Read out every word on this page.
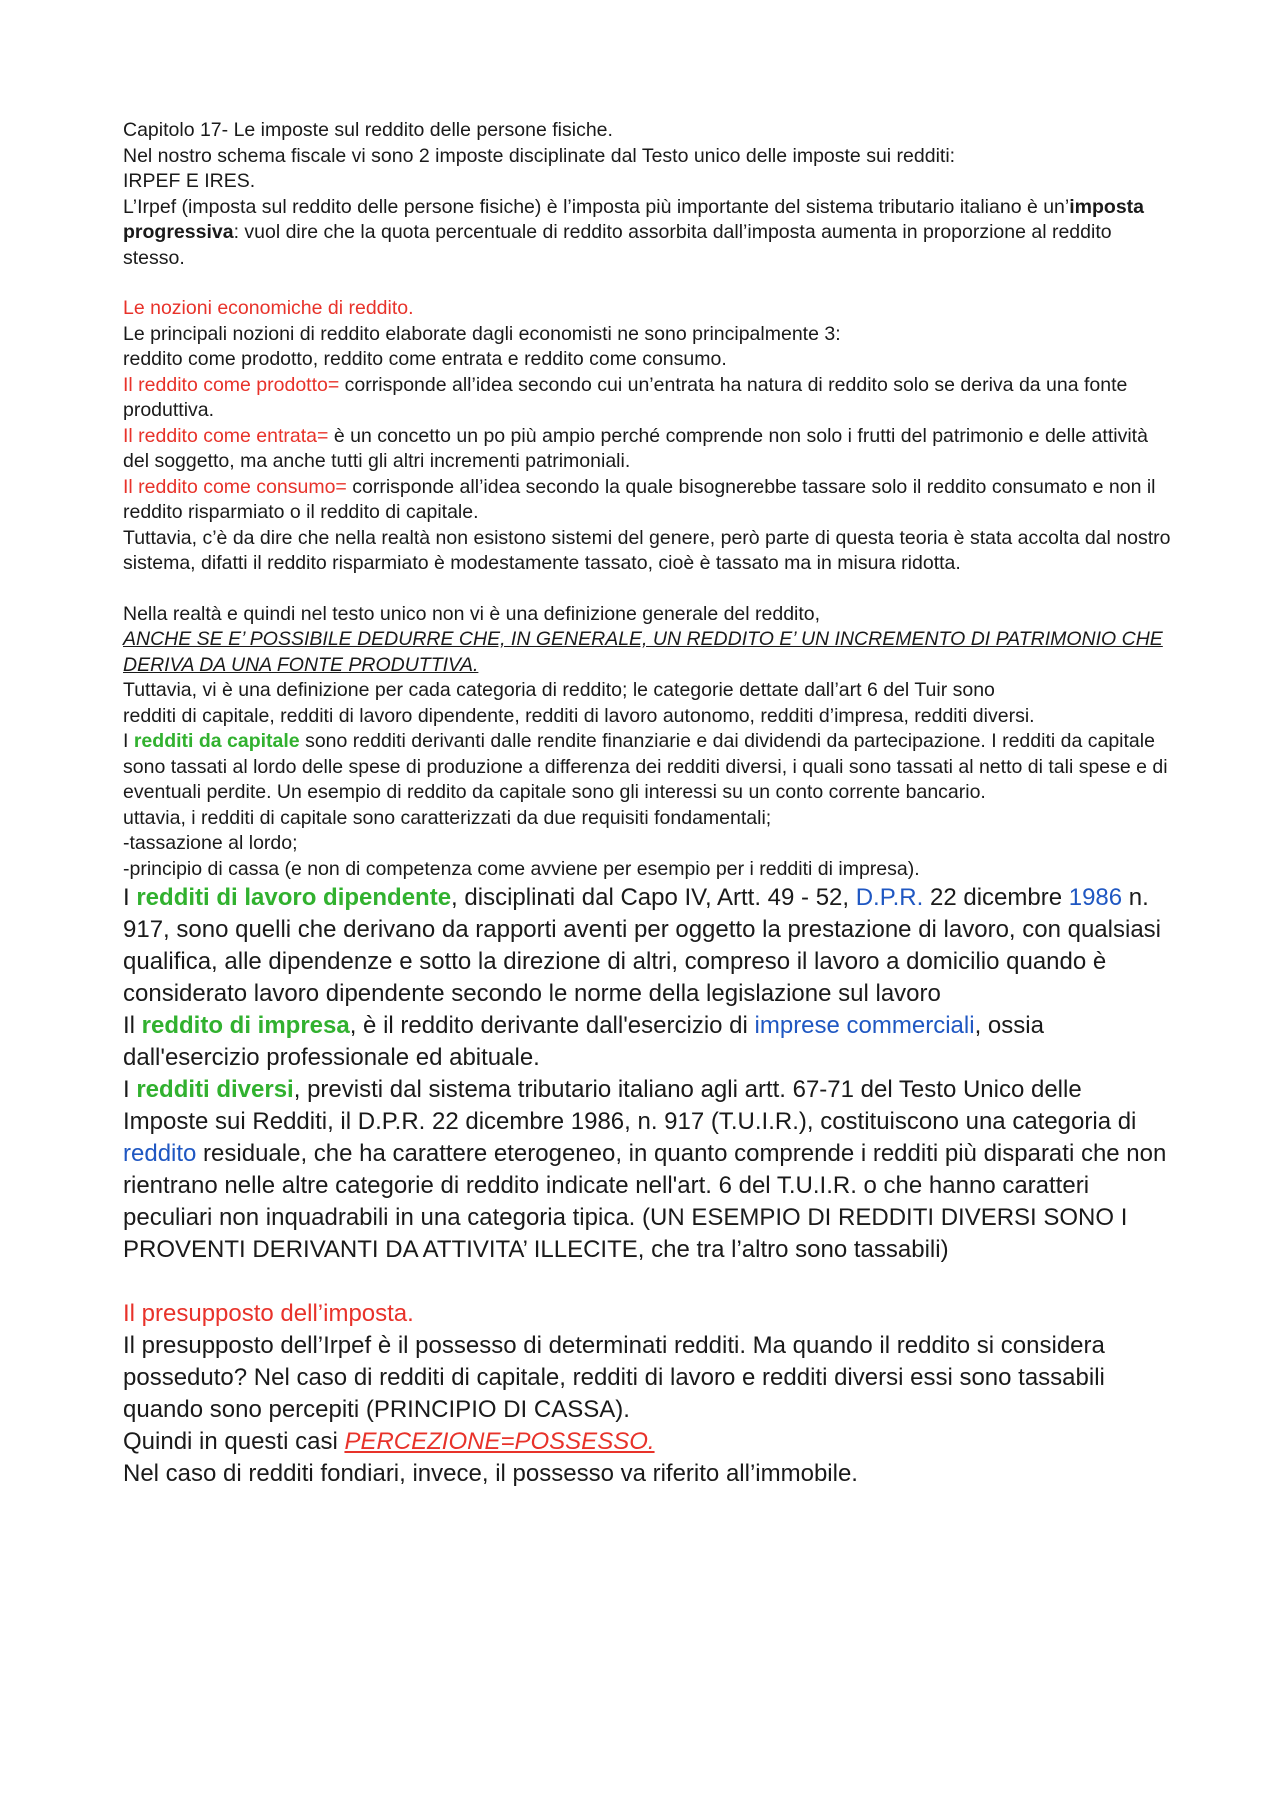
Capitolo 17- Le imposte sul reddito delle persone fisiche.

Nel nostro schema fiscale vi sono 2 imposte disciplinate dal Testo unico delle imposte sui redditi:

IRPEF E IRES.

L’Irpef (imposta sul reddito delle persone fisiche) è l’imposta più importante del sistema tributario italiano è un’imposta progressiva: vuol dire che la quota percentuale di reddito assorbita dall’imposta aumenta in proporzione al reddito stesso.

Le nozioni economiche di reddito.

Le principali nozioni di reddito elaborate dagli economisti ne sono principalmente 3:

reddito come prodotto, reddito come entrata e reddito come consumo.

Il reddito come prodotto= corrisponde all’idea secondo cui un’entrata ha natura di reddito solo se deriva da una fonte produttiva.

Il reddito come entrata= è un concetto un po più ampio perché comprende non solo i frutti del patrimonio e delle attività del soggetto, ma anche tutti gli altri incrementi patrimoniali.

Il reddito come consumo= corrisponde all’idea secondo la quale bisognerebbe tassare solo il reddito consumato e non il reddito risparmiato o il reddito di capitale.

Tuttavia, c’è da dire che nella realtà non esistono sistemi del genere, però parte di questa teoria è stata accolta dal nostro sistema, difatti il reddito risparmiato è modestamente tassato, cioè è tassato ma in misura ridotta.

Nella realtà e quindi nel testo unico non vi è una definizione generale del reddito,

ANCHE SE E’ POSSIBILE DEDURRE CHE, IN GENERALE, UN REDDITO E’ UN INCREMENTO DI PATRIMONIO CHE DERIVA DA UNA FONTE PRODUTTIVA.

Tuttavia, vi è una definizione per cada categoria di reddito; le categorie dettate dall’art 6 del Tuir sono

redditi di capitale, redditi di lavoro dipendente, redditi di lavoro autonomo, redditi d’impresa, redditi diversi.

I redditi da capitale sono redditi derivanti dalle rendite finanziarie e dai dividendi da partecipazione. I redditi da capitale sono tassati al lordo delle spese di produzione a differenza dei redditi diversi, i quali sono tassati al netto di tali spese e di eventuali perdite. Un esempio di reddito da capitale sono gli interessi su un conto corrente bancario.

uttavia, i redditi di capitale sono caratterizzati da due requisiti fondamentali;

-tassazione al lordo;

-principio di cassa (e non di competenza come avviene per esempio per i redditi di impresa).

I redditi di lavoro dipendente, disciplinati dal Capo IV, Artt. 49 - 52, D.P.R. 22 dicembre 1986 n. 917, sono quelli che derivano da rapporti aventi per oggetto la prestazione di lavoro, con qualsiasi qualifica, alle dipendenze e sotto la direzione di altri, compreso il lavoro a domicilio quando è considerato lavoro dipendente secondo le norme della legislazione sul lavoro

Il reddito di impresa, è il reddito derivante dall'esercizio di imprese commerciali, ossia dall'esercizio professionale ed abituale.

I redditi diversi, previsti dal sistema tributario italiano agli artt. 67-71 del Testo Unico delle Imposte sui Redditi, il D.P.R. 22 dicembre 1986, n. 917 (T.U.I.R.), costituiscono una categoria di reddito residuale, che ha carattere eterogeneo, in quanto comprende i redditi più disparati che non rientrano nelle altre categorie di reddito indicate nell'art. 6 del T.U.I.R. o che hanno caratteri peculiari non inquadrabili in una categoria tipica. (UN ESEMPIO DI REDDITI DIVERSI SONO I PROVENTI DERIVANTI DA ATTIVITA’ ILLECITE, che tra l’altro sono tassabili)

Il presupposto dell’imposta.

Il presupposto dell’Irpef è il possesso di determinati redditi. Ma quando il reddito si considera posseduto? Nel caso di redditi di capitale, redditi di lavoro e redditi diversi essi sono tassabili quando sono percepiti (PRINCIPIO DI CASSA).

Quindi in questi casi PERCEZIONE=POSSESSO.

Nel caso di redditi fondiari, invece, il possesso va riferito all’immobile.
